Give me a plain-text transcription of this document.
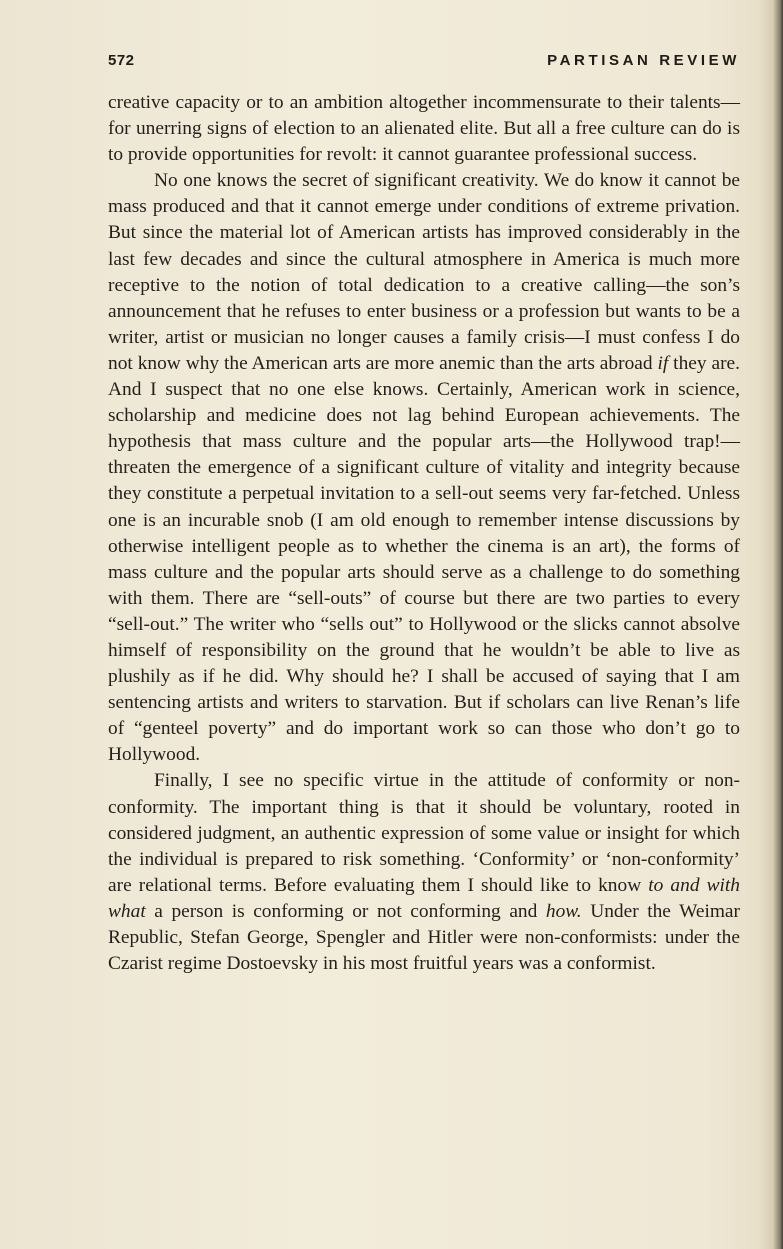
572	PARTISAN REVIEW

creative capacity or to an ambition altogether incommensurate to their talents—for unerring signs of election to an alienated elite. But all a free culture can do is to provide opportunities for revolt: it cannot guarantee professional success.

No one knows the secret of significant creativity. We do know it cannot be mass produced and that it cannot emerge under conditions of extreme privation. But since the material lot of American artists has improved considerably in the last few decades and since the cultural atmosphere in America is much more receptive to the notion of total dedication to a creative calling—the son’s announcement that he refuses to enter business or a profession but wants to be a writer, artist or musician no longer causes a family crisis—I must confess I do not know why the American arts are more anemic than the arts abroad if they are. And I suspect that no one else knows. Certainly, American work in science, scholarship and medicine does not lag behind European achievements. The hypothesis that mass culture and the popular arts—the Hollywood trap!—threaten the emergence of a significant culture of vitality and integrity because they constitute a perpetual invitation to a sell-out seems very far-fetched. Unless one is an incurable snob (I am old enough to remember intense discussions by otherwise intelligent people as to whether the cinema is an art), the forms of mass culture and the popular arts should serve as a challenge to do something with them. There are “sell-outs” of course but there are two parties to every “sell-out.” The writer who “sells out” to Hollywood or the slicks cannot absolve himself of responsibility on the ground that he wouldn’t be able to live as plushily as if he did. Why should he? I shall be accused of saying that I am sentencing artists and writers to starvation. But if scholars can live Renan’s life of “genteel poverty” and do important work so can those who don’t go to Hollywood.

Finally, I see no specific virtue in the attitude of conformity or non-conformity. The important thing is that it should be voluntary, rooted in considered judgment, an authentic expression of some value or insight for which the individual is prepared to risk something. ‘Conformity’ or ‘non-conformity’ are relational terms. Before evaluating them I should like to know to and with what a person is conforming or not conforming and how. Under the Weimar Republic, Stefan George, Spengler and Hitler were non-conformists: under the Czarist regime Dostoevsky in his most fruitful years was a conformist.
